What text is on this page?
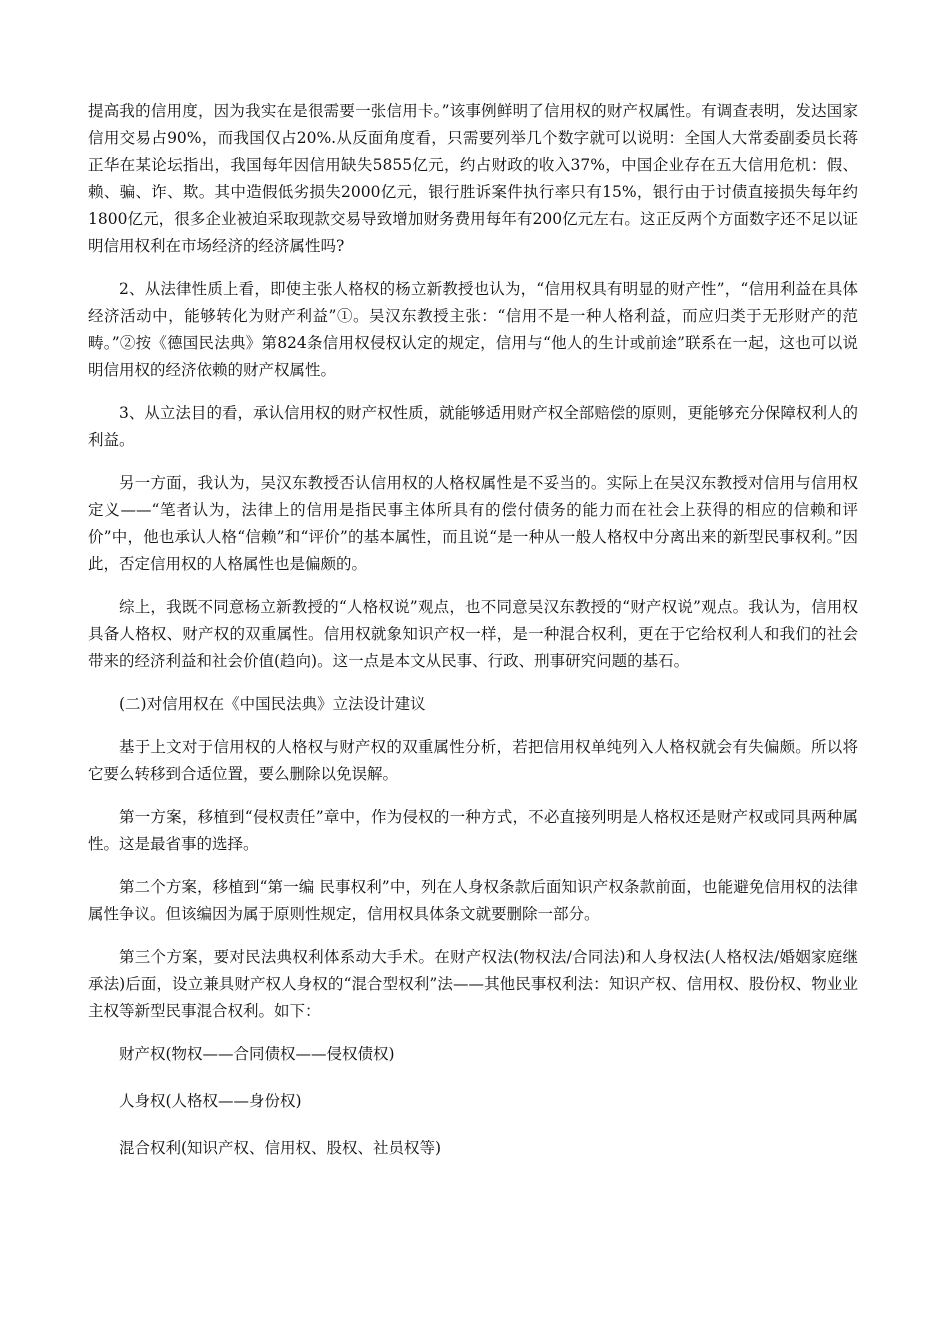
提高我的信用度，因为我实在是很需要一张信用卡。”该事例鲜明了信用权的财产权属性。有调查表明，发达国家信用交易占90%，而我国仅占20%.从反面角度看，只需要列举几个数字就可以说明：全国人大常委副委员长蒋正华在某论坛指出，我国每年因信用缺失5855亿元，约占财政的收入37%，中国企业存在五大信用危机：假、赖、骗、诈、欺。其中造假低劣损失2000亿元，银行胜诉案件执行率只有15%，银行由于讨债直接损失每年约1800亿元，很多企业被迫采取现款交易导致增加财务费用每年有200亿元左右。这正反两个方面数字还不足以证明信用权利在市场经济的经济属性吗?

2、从法律性质上看，即使主张人格权的杨立新教授也认为，“信用权具有明显的财产性”，“信用利益在具体经济活动中，能够转化为财产利益”①。吴汉东教授主张：“信用不是一种人格利益，而应归类于无形财产的范畴。”②按《德国民法典》第824条信用权侵权认定的规定，信用与“他人的生计或前途”联系在一起，这也可以说明信用权的经济依赖的财产权属性。

3、从立法目的看，承认信用权的财产权性质，就能够适用财产权全部赔偿的原则，更能够充分保障权利人的利益。

另一方面，我认为，吴汉东教授否认信用权的人格权属性是不妥当的。实际上在吴汉东教授对信用与信用权定义——“笔者认为，法律上的信用是指民事主体所具有的偿付债务的能力而在社会上获得的相应的信赖和评价”中，他也承认人格“信赖”和“评价”的基本属性，而且说“是一种从一般人格权中分离出来的新型民事权利。”因此，否定信用权的人格属性也是偏颇的。

综上，我既不同意杨立新教授的“人格权说”观点，也不同意吴汉东教授的“财产权说”观点。我认为，信用权具备人格权、财产权的双重属性。信用权就象知识产权一样，是一种混合权利，更在于它给权利人和我们的社会带来的经济利益和社会价值(趋向)。这一点是本文从民事、行政、刑事研究问题的基石。

(二)对信用权在《中国民法典》立法设计建议

基于上文对于信用权的人格权与财产权的双重属性分析，若把信用权单纯列入人格权就会有失偏颇。所以将它要么转移到合适位置，要么删除以免误解。

第一方案，移植到“侵权责任”章中，作为侵权的一种方式，不必直接列明是人格权还是财产权或同具两种属性。这是最省事的选择。

第二个方案，移植到“第一编 民事权利”中，列在人身权条款后面知识产权条款前面，也能避免信用权的法律属性争议。但该编因为属于原则性规定，信用权具体条文就要删除一部分。

第三个方案，要对民法典权利体系动大手术。在财产权法(物权法/合同法)和人身权法(人格权法/婚姻家庭继承法)后面，设立兼具财产权人身权的“混合型权利”法——其他民事权利法：知识产权、信用权、股份权、物业业主权等新型民事混合权利。如下：

财产权(物权——合同债权——侵权债权)

人身权(人格权——身份权)

混合权利(知识产权、信用权、股权、社员权等)
